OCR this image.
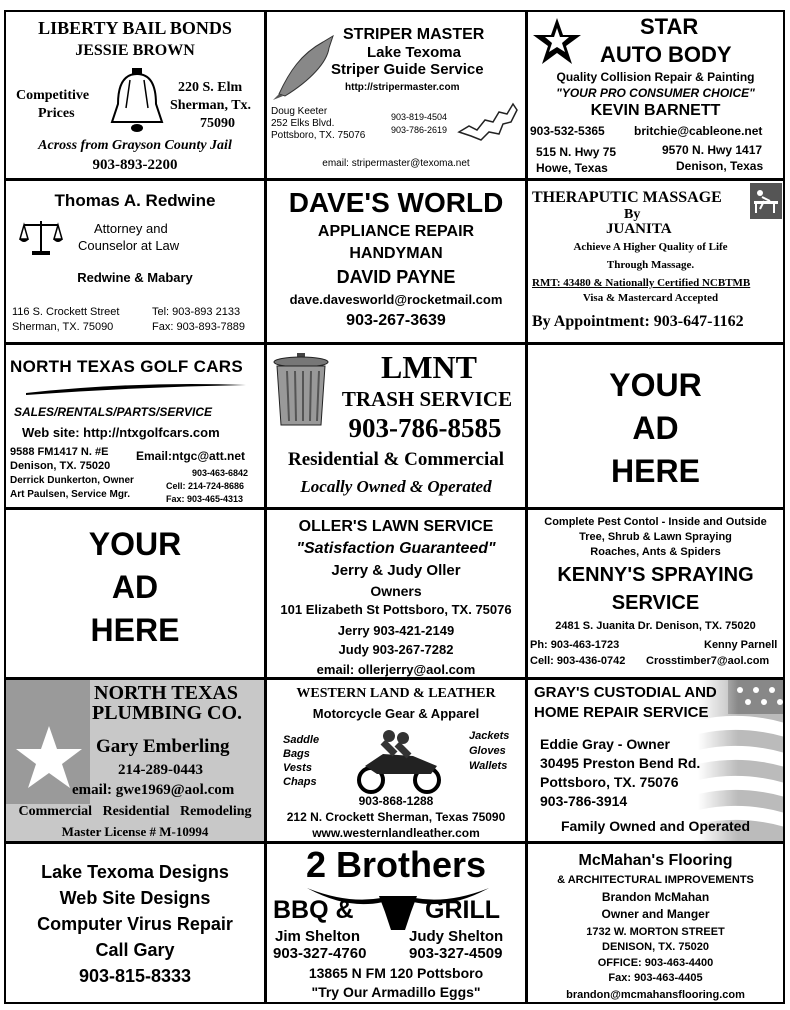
LIBERTY BAIL BONDS
JESSIE BROWN
Competitive
Prices
220 S. Elm
Sherman, Tx.
75090
Across from Grayson County Jail
903-893-2200
STRIPER MASTER
Lake Texoma
Striper Guide Service
http://stripermaster.com
Doug Keeter
252 Elks Blvd.
Pottsboro, TX. 75076
903-819-4504
903-786-2619
email: stripermaster@texoma.net
STAR
AUTO BODY
Quality Collision Repair & Painting
"YOUR PRO CONSUMER CHOICE"
KEVIN BARNETT
903-532-5365 britchie@cableone.net
515 N. Hwy 75
Howe, Texas
9570 N. Hwy 1417
Denison, Texas
Thomas A. Redwine
Attorney and
Counselor at Law
Redwine & Mabary
116 S. Crockett Street
Sherman, TX. 75090
Tel: 903-893 2133
Fax: 903-893-7889
DAVE'S WORLD
APPLIANCE REPAIR
HANDYMAN
DAVID PAYNE
dave.davesworld@rocketmail.com
903-267-3639
THERAPUTIC MASSAGE
By
JUANITA
Achieve A Higher Quality of Life
Through Massage.
RMT: 43480 & Nationally Certified NCBTMB
Visa & Mastercard Accepted
By Appointment: 903-647-1162
NORTH TEXAS GOLF CARS
SALES/RENTALS/PARTS/SERVICE
Web site: http://ntxgolfcars.com
9588 FM1417 N. #E
Denison, TX. 75020
Email:ntgc@att.net
903-463-6842
Derrick Dunkerton, Owner	Cell: 214-724-8686
Art Paulsen, Service Mgr.	Fax: 903-465-4313
LMNT
TRASH SERVICE
903-786-8585
Residential & Commercial
Locally Owned & Operated
YOUR
AD
HERE
YOUR
AD
HERE
OLLER'S LAWN SERVICE
"Satisfaction Guaranteed"
Jerry & Judy Oller
Owners
101 Elizabeth St Pottsboro, TX. 75076
Jerry 903-421-2149
Judy 903-267-7282
email: ollerjerry@aol.com
Complete Pest Contol - Inside and Outside
Tree, Shrub & Lawn Spraying
Roaches, Ants & Spiders
KENNY'S SPRAYING
SERVICE
2481 S. Juanita Dr. Denison, TX. 75020
Ph: 903-463-1723	Kenny Parnell
Cell: 903-436-0742 Crosstimber7@aol.com
NORTH TEXAS
PLUMBING CO.
Gary Emberling
214-289-0443
email: gwe1969@aol.com
Commercial   Residential   Remodeling
Master License # M-10994
WESTERN LAND & LEATHER
Motorcycle Gear & Apparel
Saddle
Bags
Vests
Chaps
Jackets
Gloves
Wallets
903-868-1288
212 N. Crockett Sherman, Texas 75090
www.westernlandleather.com
GRAY'S CUSTODIAL AND
HOME REPAIR SERVICE
Eddie Gray - Owner
30495 Preston Bend Rd.
Pottsboro, TX. 75076
903-786-3914
Family Owned and Operated
Lake Texoma Designs
Web Site Designs
Computer Virus Repair
Call Gary
903-815-8333
2 Brothers
BBQ &	GRILL
Jim Shelton	Judy Shelton
903-327-4760	903-327-4509
13865 N FM 120 Pottsboro
"Try Our Armadillo Eggs"
McMahan's Flooring
& ARCHITECTURAL IMPROVEMENTS
Brandon McMahan
Owner and Manger
1732 W. MORTON STREET
DENISON, TX. 75020
OFFICE: 903-463-4400
Fax: 903-463-4405
brandon@mcmahansflooring.com
